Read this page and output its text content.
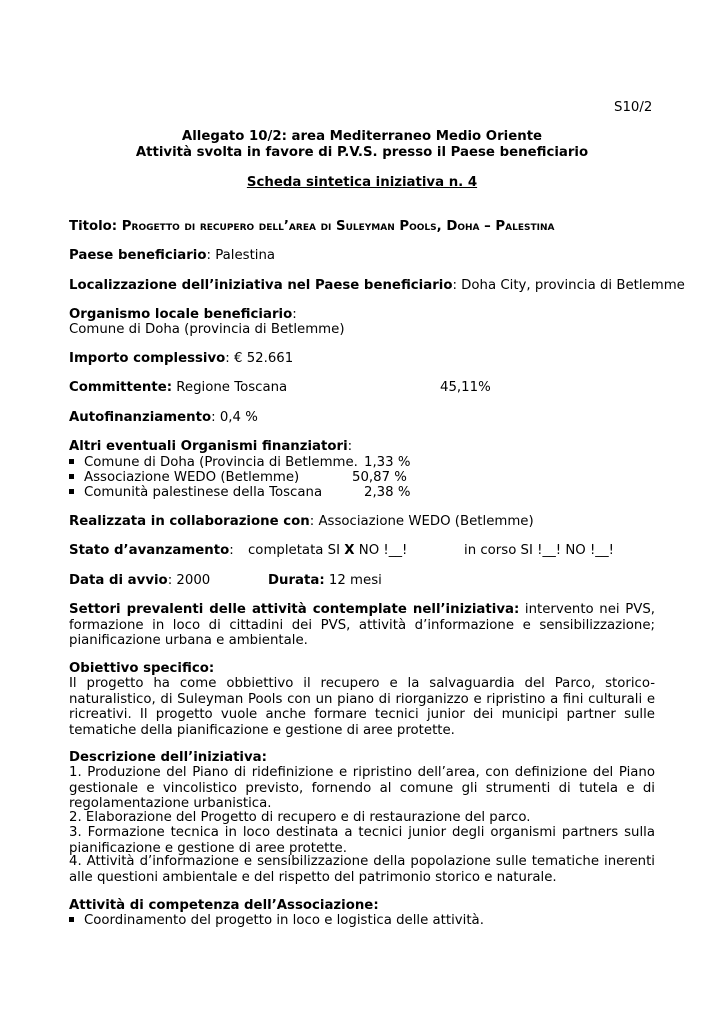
S10/2
Allegato 10/2: area Mediterraneo Medio Oriente
Attività svolta in favore di P.V.S. presso il Paese beneficiario
Scheda sintetica iniziativa n. 4
Titolo: Progetto di recupero dell’area di Suleyman Pools, Doha – Palestina
Paese beneficiario: Palestina
Localizzazione dell’iniziativa nel Paese beneficiario: Doha City, provincia di Betlemme
Organismo locale beneficiario:
Comune di Doha (provincia di Betlemme)
Importo complessivo: € 52.661
Committente: Regione Toscana	45,11%
Autofinanziamento: 0,4 %
Altri eventuali Organismi finanziatori:
Comune di Doha (Provincia di Betlemme. 1,33 %
Associazione WEDO (Betlemme)	50,87 %
Comunità palestinese della Toscana	2,38 %
Realizzata in collaborazione con: Associazione WEDO (Betlemme)
Stato d’avanzamento: completata SI X NO !__!	in corso SI !__! NO !__!
Data di avvio: 2000	Durata: 12 mesi
Settori prevalenti delle attività contemplate nell’iniziativa: intervento nei PVS, formazione in loco di cittadini dei PVS, attività d’informazione e sensibilizzazione; pianificazione urbana e ambientale.
Obiettivo specifico:
Il progetto ha come obbiettivo il recupero e la salvaguardia del Parco, storico-naturalistico, di Suleyman Pools con un piano di riorganizzo e ripristino a fini culturali e ricreativi. Il progetto vuole anche formare tecnici junior dei municipi partner sulle tematiche della pianificazione e gestione di aree protette.
Descrizione dell’iniziativa:
1. Produzione del Piano di ridefinizione e ripristino dell’area, con definizione del Piano gestionale e vincolistico previsto, fornendo al comune gli strumenti di tutela e di regolamentazione urbanistica.
2. Elaborazione del Progetto di recupero e di restaurazione del parco.
3. Formazione tecnica in loco destinata a tecnici junior degli organismi partners sulla pianificazione e gestione di aree protette.
4. Attività d’informazione e sensibilizzazione della popolazione sulle tematiche inerenti alle questioni ambientale e del rispetto del patrimonio storico e naturale.
Attività di competenza dell’Associazione:
Coordinamento del progetto in loco e logistica delle attività.
